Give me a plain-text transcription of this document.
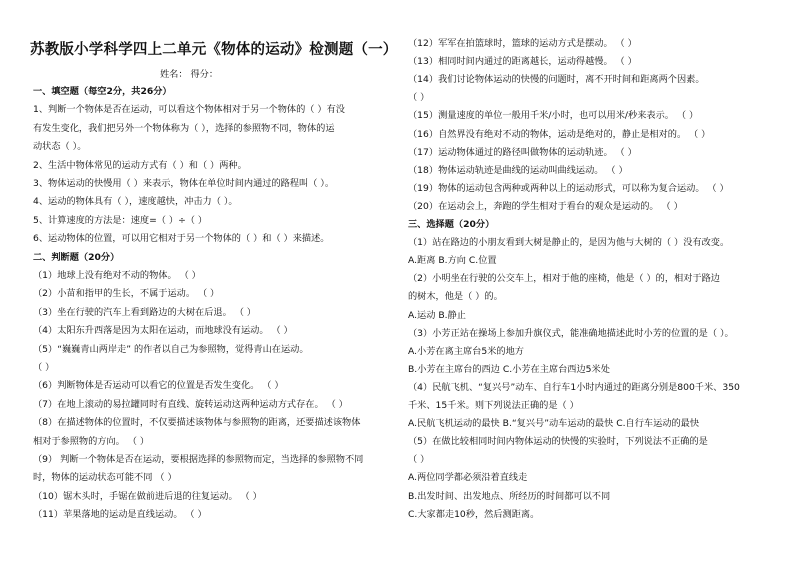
苏教版小学科学四上二单元《物体的运动》检测题（一）
姓名： 得分：
一、填空题（每空2分，共26分）
1、判断一个物体是否在运动，可以看这个物体相对于另一个物体的（ ）有没
有发生变化，我们把另外一个物体称为（ ），选择的参照物不同，物体的运
动状态（ ）。
2、生活中物体常见的运动方式有（ ）和（ ）两种。
3、物体运动的快慢用（ ）来表示，物体在单位时间内通过的路程叫（ ）。
4、运动的物体具有（ ），速度越快，冲击力（ ）。
5、计算速度的方法是：速度=（ ）÷（ ）
6、运动物体的位置，可以用它相对于另一个物体的（ ）和（ ）来描述。
二、判断题（20分）
（1）地球上没有绝对不动的物体。 （ ）
（2）小苗和指甲的生长，不属于运动。 （ ）
（3）坐在行驶的汽车上看到路边的大树在后退。 （ ）
（4）太阳东升西落是因为太阳在运动，而地球没有运动。 （ ）
（5）“巍巍青山两岸走” 的作者以自己为参照物，觉得青山在运动。
（ ）
（6）判断物体是否运动可以看它的位置是否发生变化。 （ ）
（7）在地上滚动的易拉罐同时有直线、旋转运动这两种运动方式存在。 （ ）
（8）在描述物体的位置时，不仅要描述该物体与参照物的距离，还要描述该物体
相对于参照物的方向。 （ ）
（9） 判断一个物体是否在运动，要根据选择的参照物而定，当选择的参照物不同
时，物体的运动状态可能不同 （ ）
（10）锯木头时，手锯在做前进后退的往复运动。 （ ）
（11）苹果落地的运动是直线运动。 （ ）
（12）军军在拍篮球时，篮球的运动方式是摆动。 （ ）
（13）相同时间内通过的距离越长，运动得越慢。 （ ）
（14）我们讨论物体运动的快慢的问题时，离不开时间和距离两个因素。
（ ）
（15）测量速度的单位一般用千米/小时，也可以用米/秒来表示。 （ ）
（16）自然界没有绝对不动的物体，运动是绝对的，静止是相对的。 （ ）
（17）运动物体通过的路径叫做物体的运动轨迹。 （ ）
（18）物体运动轨迹是曲线的运动叫曲线运动。 （ ）
（19）物体的运动包含两种或两种以上的运动形式，可以称为复合运动。 （ ）
（20）在运动会上，奔跑的学生相对于看台的观众是运动的。 （ ）
三、选择题（20分）
（1）站在路边的小朋友看到大树是静止的，是因为他与大树的（ ）没有改变。
A.距离 B.方向 C.位置
（2）小明坐在行驶的公交车上，相对于他的座椅，他是（ ）的，相对于路边
的树木，他是（ ）的。
A.运动 B.静止
（3）小芳正站在操场上参加升旗仪式，能准确地描述此时小芳的位置的是（ ）。
A.小芳在离主席台5米的地方
B.小芳在主席台的西边 C.小芳在主席台西边5米处
（4）民航飞机、“复兴号”动车、自行车1小时内通过的距离分别是800千米、350
千米、15千米。则下列说法正确的是（ ）
A.民航飞机运动的最快 B.“复兴号”动车运动的最快 C.自行车运动的最快
（5）在做比较相同时间内物体运动的快慢的实验时，下列说法不正确的是
（ ）
A.两位同学都必须沿着直线走
B.出发时间、出发地点、所经历的时间都可以不同
C.大家都走10秒，然后测距离。
